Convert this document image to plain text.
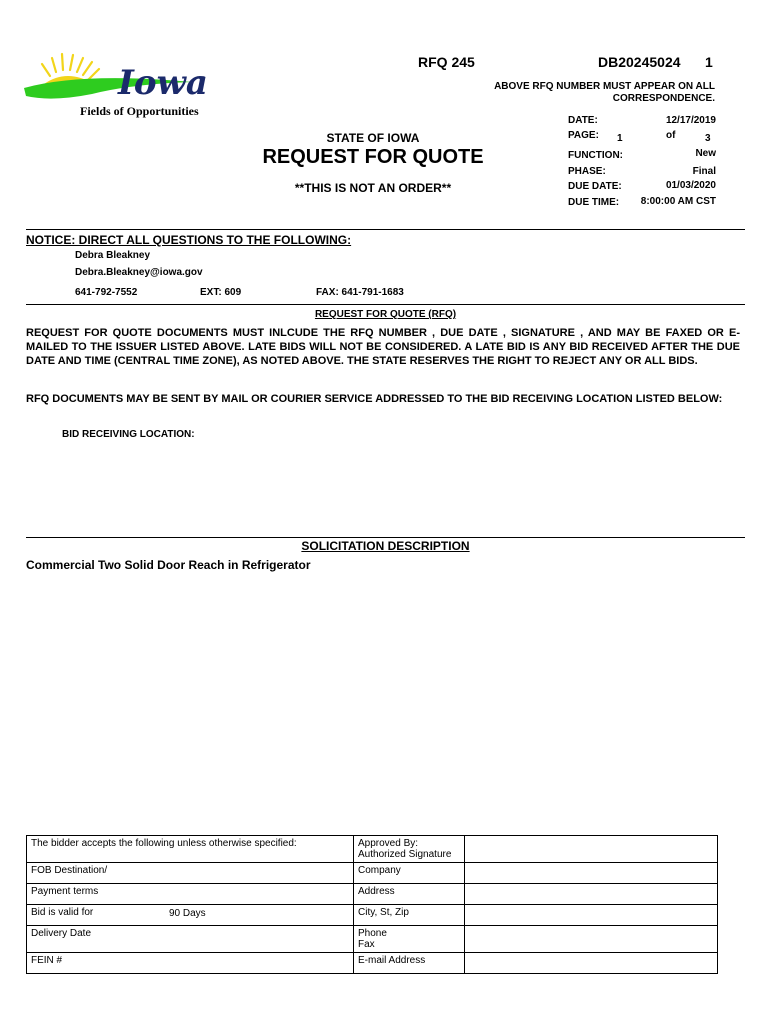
Iowa
Fields of Opportunities
RFQ 245	DB20245024 1
ABOVE RFQ NUMBER MUST APPEAR ON ALL
CORRESPONDENCE.
STATE OF IOWA
REQUEST FOR QUOTE
**THIS IS NOT AN ORDER**
DATE:	12/17/2019
PAGE: 1	of	3
FUNCTION:	New
PHASE:	Final
DUE DATE:	01/03/2020
DUE TIME:	8:00:00 AM CST
NOTICE: DIRECT ALL QUESTIONS TO THE FOLLOWING:
Debra Bleakney
Debra.Bleakney@iowa.gov
641-792-7552	EXT: 609	FAX: 641-791-1683
REQUEST FOR QUOTE (RFQ)
REQUEST FOR QUOTE DOCUMENTS MUST INLCUDE THE RFQ NUMBER , DUE DATE , SIGNATURE , AND MAY BE FAXED OR E-MAILED TO THE ISSUER LISTED ABOVE. LATE BIDS WILL NOT BE CONSIDERED. A LATE BID IS ANY BID RECEIVED AFTER THE DUE DATE AND TIME (CENTRAL TIME ZONE), AS NOTED ABOVE. THE STATE RESERVES THE RIGHT TO REJECT ANY OR ALL BIDS.
RFQ DOCUMENTS MAY BE SENT BY MAIL OR COURIER SERVICE ADDRESSED TO THE BID RECEIVING LOCATION LISTED BELOW:
BID RECEIVING LOCATION:
SOLICITATION DESCRIPTION
Commercial Two Solid Door Reach in Refrigerator
The bidder accepts the following unless otherwise specified:	Approved By:
Authorized Signature	

FOB Destination/	Company	

Payment terms	Address	

Bid is valid for 90 Days	City, St, Zip	

Delivery Date	Phone
Fax	

FEIN #	E-mail Address	
